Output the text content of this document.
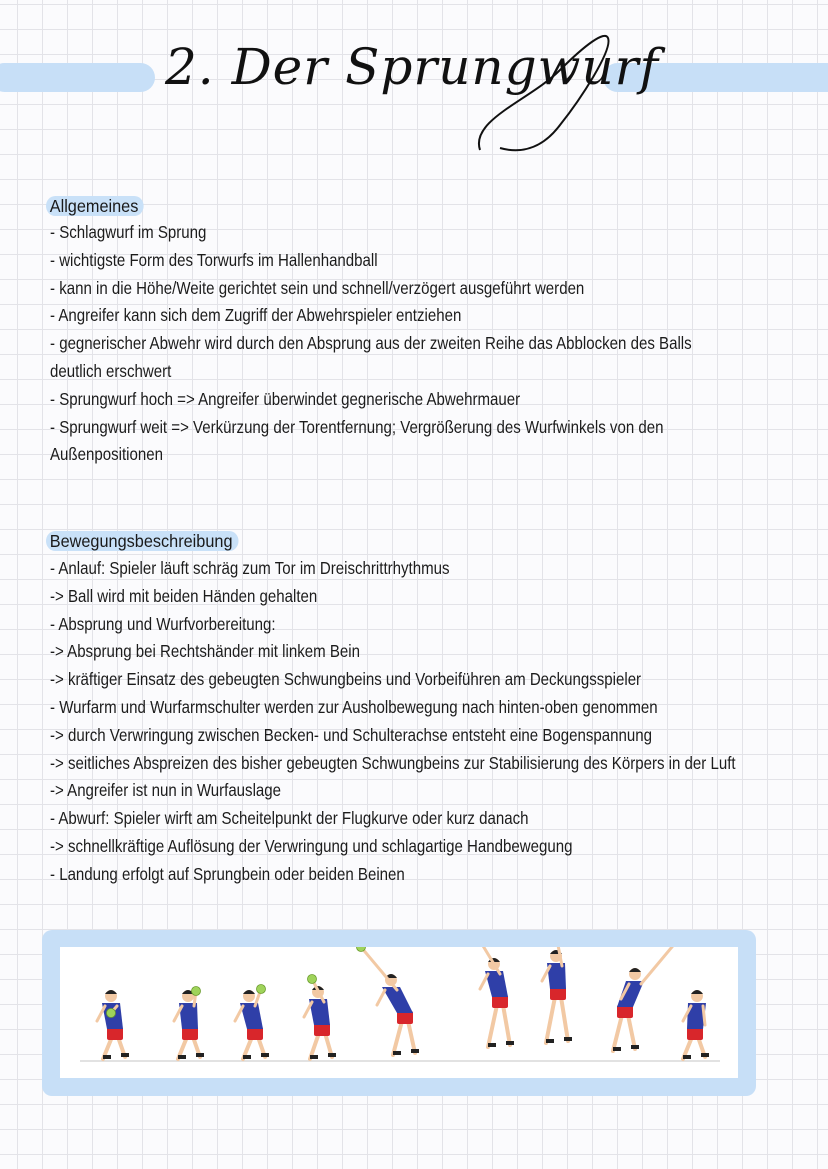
2. Der Sprungwurf
Allgemeines
- Schlagwurf im Sprung
- wichtigste Form des Torwurfs im Hallenhandball
- kann in die Höhe/Weite gerichtet sein und schnell/verzögert ausgeführt werden
- Angreifer kann sich dem Zugriff der Abwehrspieler entziehen
- gegnerischer Abwehr wird durch den Absprung aus der zweiten Reihe das Abblocken des Balls
deutlich erschwert
- Sprungwurf hoch => Angreifer überwindet gegnerische Abwehrmauer
- Sprungwurf weit => Verkürzung der Torentfernung; Vergrößerung des Wurfwinkels von den
Außenpositionen
Bewegungsbeschreibung
- Anlauf: Spieler läuft schräg zum Tor im Dreischrittrhythmus
-> Ball wird mit beiden Händen gehalten
- Absprung und Wurfvorbereitung:
-> Absprung bei Rechtshänder mit linkem Bein
-> kräftiger Einsatz des gebeugten Schwungbeins und Vorbeiführen am Deckungsspieler
- Wurfarm und Wurfarmschulter werden zur Ausholbewegung nach hinten-oben genommen
-> durch Verwringung zwischen Becken- und Schulterachse entsteht eine Bogenspannung
-> seitliches Abspreizen des bisher gebeugten Schwungbeins zur Stabilisierung des Körpers in der Luft
-> Angreifer ist nun in Wurfauslage
- Abwurf: Spieler wirft am Scheitelpunkt der Flugkurve oder kurz danach
-> schnellkräftige Auflösung der Verwringung und schlagartige Handbewegung
- Landung erfolgt auf Sprungbein oder beiden Beinen
